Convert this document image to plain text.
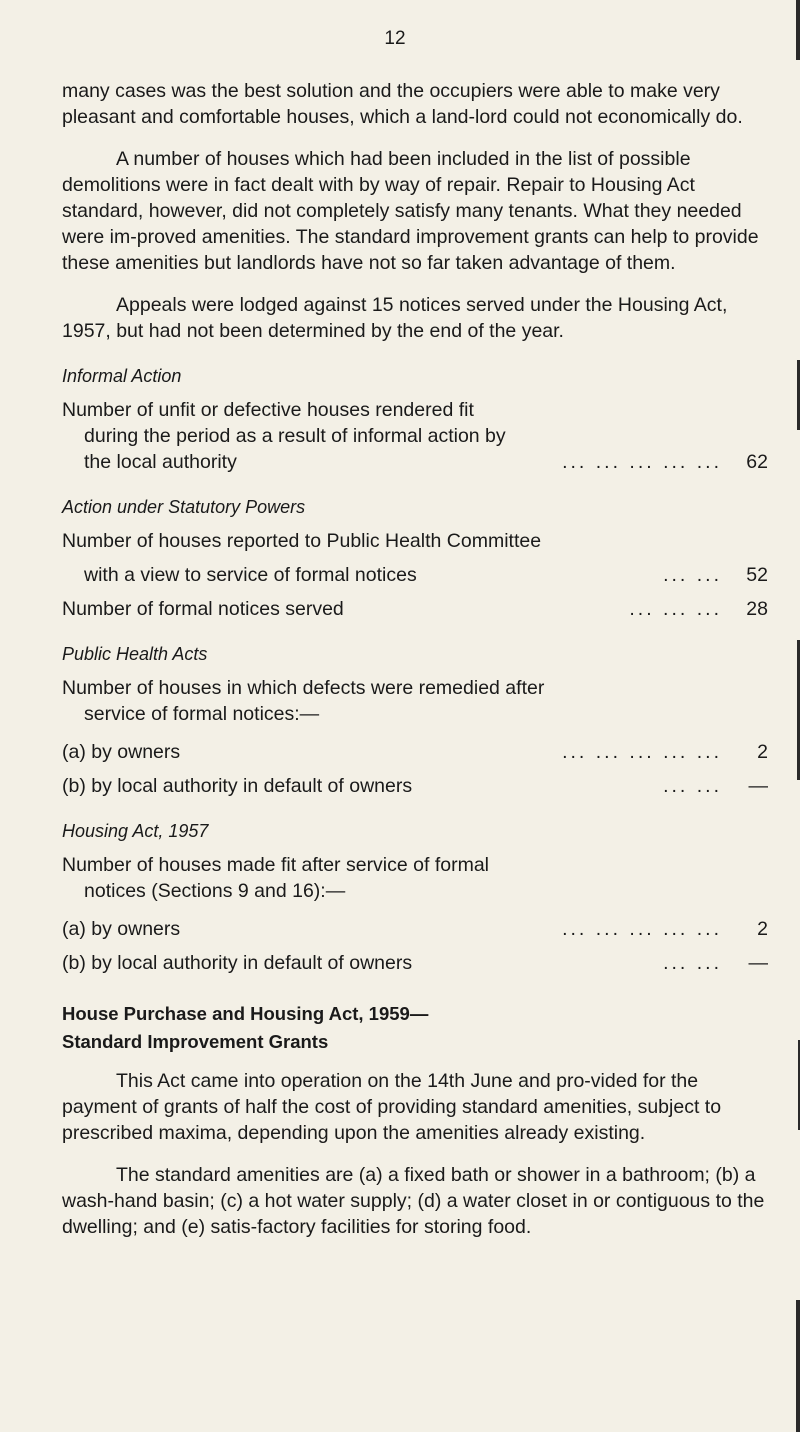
12

many cases was the best solution and the occupiers were able to make very pleasant and comfortable houses, which a land-lord could not economically do.

A number of houses which had been included in the list of possible demolitions were in fact dealt with by way of repair. Repair to Housing Act standard, however, did not completely satisfy many tenants. What they needed were im-proved amenities. The standard improvement grants can help to provide these amenities but landlords have not so far taken advantage of them.

Appeals were lodged against 15 notices served under the Housing Act, 1957, but had not been determined by the end of the year.

Informal Action

Number of unfit or defective houses rendered fit

during the period as a result of informal action by

the local authority	... ... ... ... ...	62
Action under Statutory Powers

Number of houses reported to Public Health Committee

with a view to service of formal notices	... ...	52
Number of formal notices served	... ... ...	28
Public Health Acts

Number of houses in which defects were remedied after

service of formal notices:—

(a) by owners	... ... ... ... ...	2
(b) by local authority in default of owners	... ...	—
Housing Act, 1957

Number of houses made fit after service of formal

notices (Sections 9 and 16):—

(a) by owners	... ... ... ... ...	2
(b) by local authority in default of owners	... ...	—
House Purchase and Housing Act, 1959—
Standard Improvement Grants

This Act came into operation on the 14th June and pro-vided for the payment of grants of half the cost of providing standard amenities, subject to prescribed maxima, depending upon the amenities already existing.

The standard amenities are (a) a fixed bath or shower in a bathroom; (b) a wash-hand basin; (c) a hot water supply; (d) a water closet in or contiguous to the dwelling; and (e) satis-factory facilities for storing food.
